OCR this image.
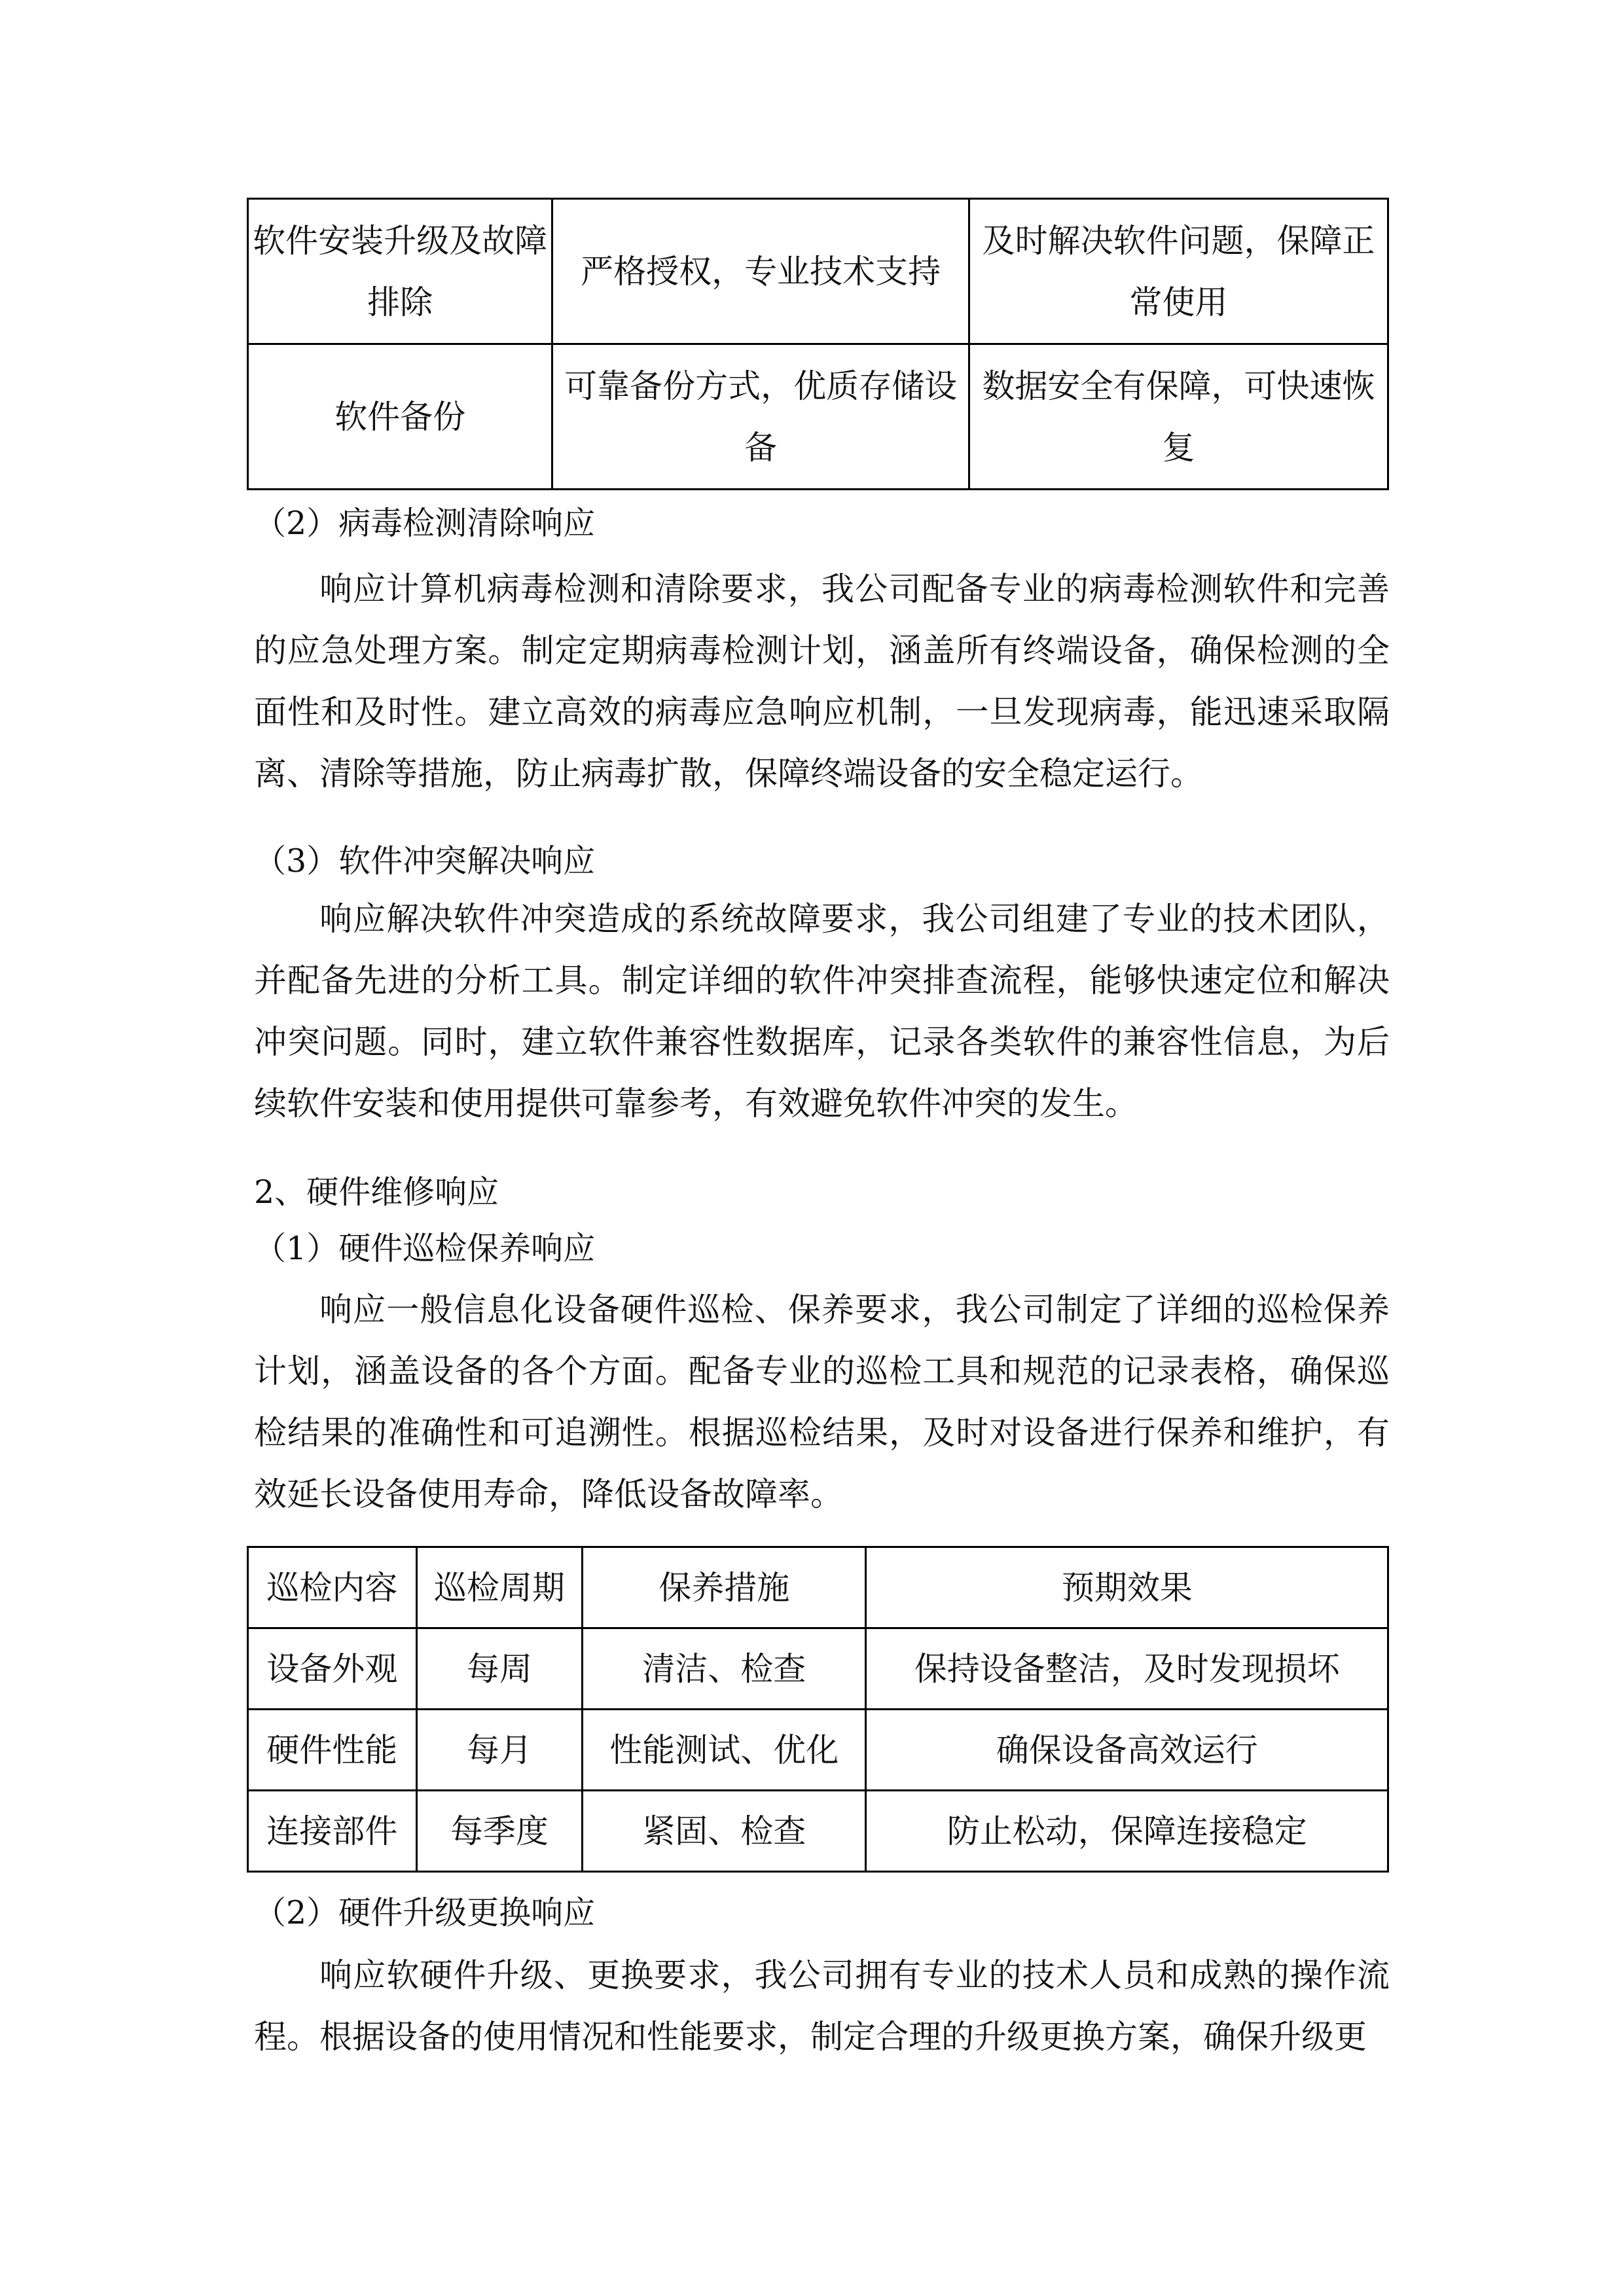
软件安装升级及故障排除	严格授权，专业技术支持	及时解决软件问题，保障正常使用
软件备份	可靠备份方式，优质存储设备	数据安全有保障，可快速恢复
（2）病毒检测清除响应

响应计算机病毒检测和清除要求，我公司配备专业的病毒检测软件和完善的应急处理方案。制定定期病毒检测计划，涵盖所有终端设备，确保检测的全面性和及时性。建立高效的病毒应急响应机制，一旦发现病毒，能迅速采取隔离、清除等措施，防止病毒扩散，保障终端设备的安全稳定运行。

（3）软件冲突解决响应

响应解决软件冲突造成的系统故障要求，我公司组建了专业的技术团队，并配备先进的分析工具。制定详细的软件冲突排查流程，能够快速定位和解决冲突问题。同时，建立软件兼容性数据库，记录各类软件的兼容性信息，为后续软件安装和使用提供可靠参考，有效避免软件冲突的发生。

2、硬件维修响应
（1）硬件巡检保养响应

响应一般信息化设备硬件巡检、保养要求，我公司制定了详细的巡检保养计划，涵盖设备的各个方面。配备专业的巡检工具和规范的记录表格，确保巡检结果的准确性和可追溯性。根据巡检结果，及时对设备进行保养和维护，有效延长设备使用寿命，降低设备故障率。

巡检内容	巡检周期	保养措施	预期效果
设备外观	每周	清洁、检查	保持设备整洁，及时发现损坏
硬件性能	每月	性能测试、优化	确保设备高效运行
连接部件	每季度	紧固、检查	防止松动，保障连接稳定
（2）硬件升级更换响应

响应软硬件升级、更换要求，我公司拥有专业的技术人员和成熟的操作流程。根据设备的使用情况和性能要求，制定合理的升级更换方案，确保升级更
